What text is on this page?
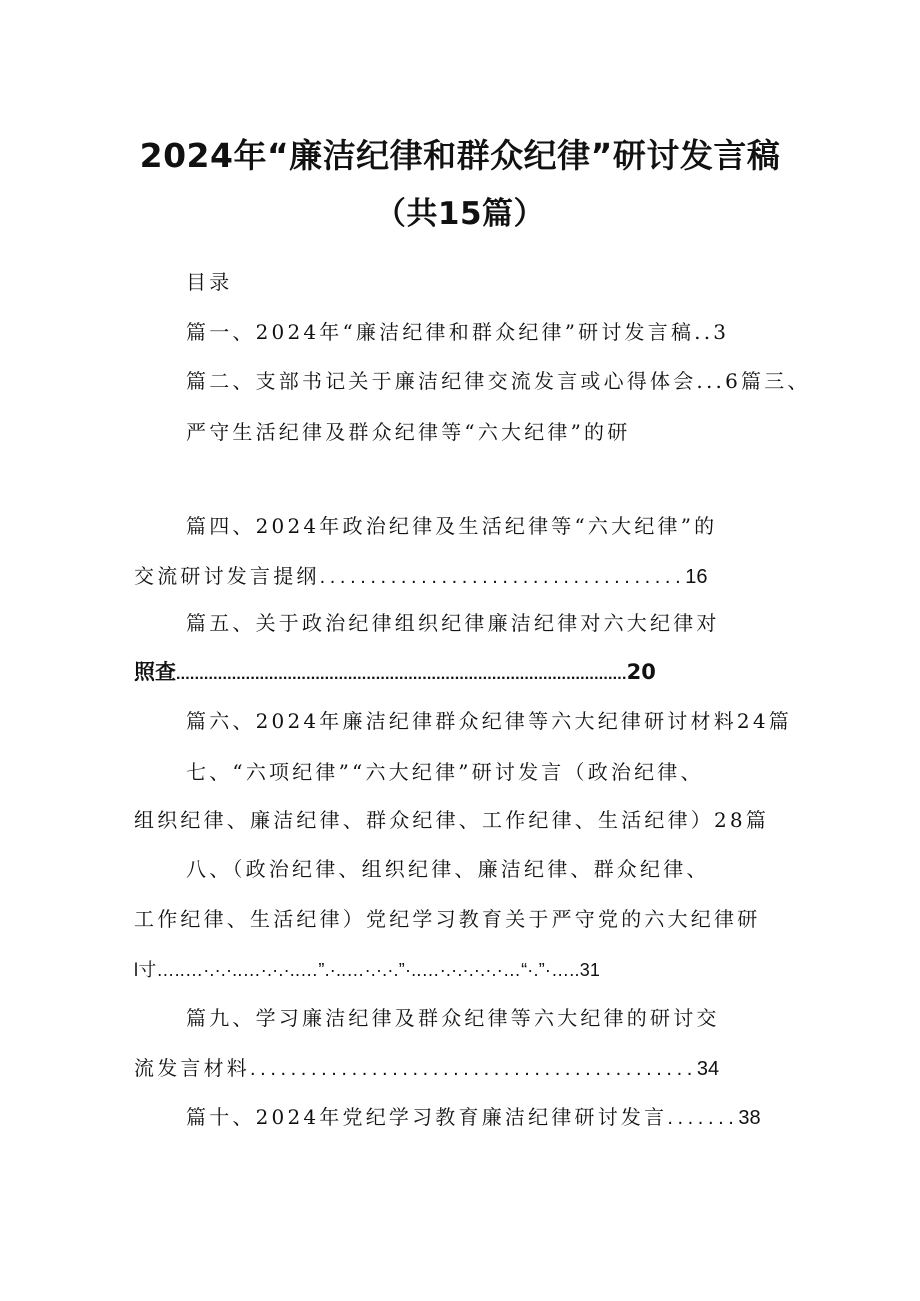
2024年“廉洁纪律和群众纪律”研讨发言稿
（共15篇）
目录
篇一、2024年“廉洁纪律和群众纪律”研讨发言稿..3
篇二、支部书记关于廉洁纪律交流发言或心得体会...6篇三、
严守生活纪律及群众纪律等“六大纪律”的研
篇四、2024年政治纪律及生活纪律等“六大纪律”的
交流研讨发言提纲....................................16
篇五、关于政治纪律组织纪律廉洁纪律对六大纪律对
照查.................................................................................................20
篇六、2024年廉洁纪律群众纪律等六大纪律研讨材料24篇
七、“六项纪律”“六大纪律”研讨发言（政治纪律、
组织纪律、廉洁纪律、群众纪律、工作纪律、生活纪律）28篇
八、（政治纪律、组织纪律、廉洁纪律、群众纪律、
工作纪律、生活纪律）党纪学习教育关于严守党的六大纪律研
l寸…..…·.·.·..…·.·.·..…”.·..…·.·.·.”·..…·.·.·.·.·.·…“·.”·…..31
篇九、学习廉洁纪律及群众纪律等六大纪律的研讨交
流发言材料............................................34
篇十、2024年党纪学习教育廉洁纪律研讨发言.......38
